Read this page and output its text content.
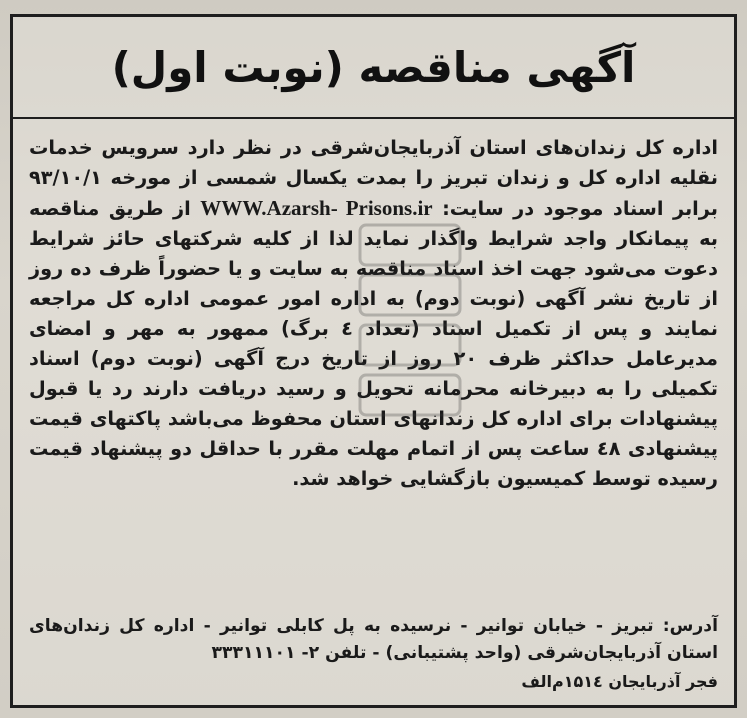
آگهی مناقصه (نوبت اول)

اداره کل زندان‌های استان آذربایجان‌شرقی در نظر دارد سرویس خدمات نقلیه اداره کل و زندان تبریز را بمدت یکسال شمسی از مورخه ۹۳/۱۰/۱ برابر اسناد موجود در سایت: WWW.Azarsh- Prisons.ir از طریق مناقصه به پیمانکار واجد شرایط واگذار نماید لذا از کلیه شرکتهای حائز شرایط دعوت می‌شود جهت اخذ اسناد مناقصه به سایت و یا حضوراً ظرف ده روز از تاریخ نشر آگهی (نوبت دوم) به اداره امور عمومی اداره کل مراجعه نمایند و پس از تکمیل اسناد (تعداد ٤ برگ) ممهور به مهر و امضای مدیرعامل حداکثر ظرف ۲۰ روز از تاریخ درج آگهی (نوبت دوم) اسناد تکمیلی را به دبیرخانه محرمانه تحویل و رسید دریافت دارند رد یا قبول پیشنهادات برای اداره کل زندانهای استان محفوظ می‌باشد پاکتهای قیمت پیشنهادی ٤٨ ساعت پس از اتمام مهلت مقرر با حداقل دو پیشنهاد قیمت رسیده توسط کمیسیون بازگشایی خواهد شد.

آدرس: تبریز - خیابان توانیر - نرسیده به پل کابلی توانیر - اداره کل زندان‌های استان آذربایجان‌شرقی (واحد پشتیبانی) - تلفن ۲- ۳۳۳۱۱۱۰۱

فجر آذربایجان ۱۵۱٤م‌الف
